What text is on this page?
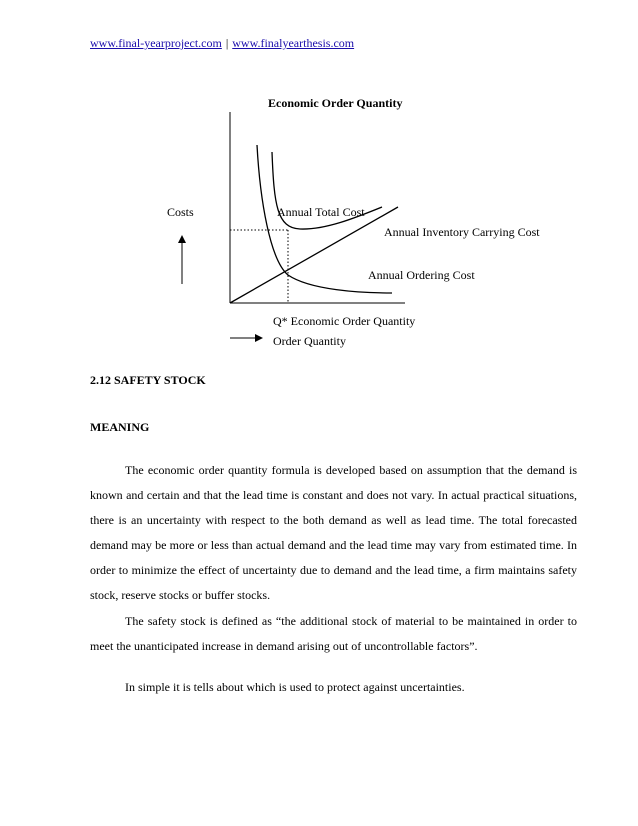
www.final-yearproject.com | www.finalyearthesis.com
Economic Order Quantity
Costs	Annual Total Cost
Annual Inventory Carrying Cost
Annual Ordering Cost
Q* Economic Order Quantity
Order Quantity
2.12 SAFETY STOCK
MEANING

The economic order quantity formula is developed based on assumption that the demand is known and certain and that the lead time is constant and does not vary. In actual practical situations, there is an uncertainty with respect to the both demand as well as lead time. The total forecasted demand may be more or less than actual demand and the lead time may vary from estimated time. In order to minimize the effect of uncertainty due to demand and the lead time, a firm maintains safety stock, reserve stocks or buffer stocks.

The safety stock is defined as “the additional stock of material to be maintained in order to meet the unanticipated increase in demand arising out of uncontrollable factors”.

In simple it is tells about which is used to protect against uncertainties.
